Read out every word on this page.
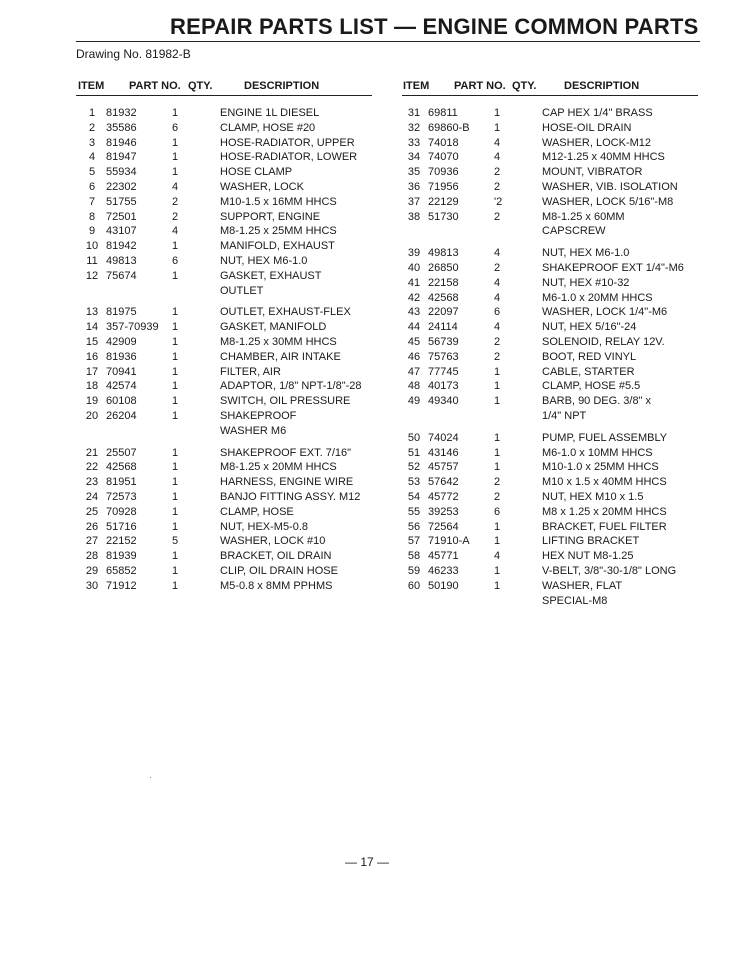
REPAIR PARTS LIST — ENGINE COMMON PARTS
Drawing No. 81982-B
ITEM PART NO. QTY.	DESCRIPTION	ITEM PART NO. QTY.	DESCRIPTION
1 81932	1	ENGINE 1L DIESEL
2 35586	6	CLAMP, HOSE #20
3 81946	1	HOSE-RADIATOR, UPPER
4 81947	1	HOSE-RADIATOR, LOWER
5 55934	1	HOSE CLAMP
6 22302	4	WASHER, LOCK
7 51755	2	M10-1.5 x 16MM HHCS
8 72501	2	SUPPORT, ENGINE
9 43107	4	M8-1.25 x 25MM HHCS
10 81942	1	MANIFOLD, EXHAUST
11 49813	6	NUT, HEX M6-1.0
12 75674	1	GASKET, EXHAUST
OUTLET
13 81975	1	OUTLET, EXHAUST-FLEX
14 357-70939	1	GASKET, MANIFOLD
15 42909	1	M8-1.25 x 30MM HHCS
16 81936	1	CHAMBER, AIR INTAKE
17 70941	1	FILTER, AIR
18 42574	1	ADAPTOR, 1/8" NPT-1/8"-28
19 60108	1	SWITCH, OIL PRESSURE
20 26204	1	SHAKEPROOF
WASHER M6
21 25507	1	SHAKEPROOF EXT. 7/16"
22 42568	1	M8-1.25 x 20MM HHCS
23 81951	1	HARNESS, ENGINE WIRE
24 72573	1	BANJO FITTING ASSY. M12
25 70928	1	CLAMP, HOSE
26 51716	1	NUT, HEX-M5-0.8
27 22152	5	WASHER, LOCK #10
28 81939	1	BRACKET, OIL DRAIN
29 65852	1	CLIP, OIL DRAIN HOSE
30 71912	1	M5-0.8 x 8MM PPHMS
31 69811	1	CAP HEX 1/4" BRASS
32 69860-B	1	HOSE-OIL DRAIN
33 74018	4	WASHER, LOCK-M12
34 74070	4	M12-1.25 x 40MM HHCS
35 70936	2	MOUNT, VIBRATOR
36 71956	2	WASHER, VIB. ISOLATION
37 22129	'2	WASHER, LOCK 5/16"-M8
38 51730	2	M8-1.25 x 60MM
CAPSCREW
39 49813	4	NUT, HEX M6-1.0
40 26850	2	SHAKEPROOF EXT 1/4"-M6
41 22158	4	NUT, HEX #10-32
42 42568	4	M6-1.0 x 20MM HHCS
43 22097	6	WASHER, LOCK 1/4"-M6
44 24114	4	NUT, HEX 5/16"-24
45 56739	2	SOLENOID, RELAY 12V.
46 75763	2	BOOT, RED VINYL
47 77745	1	CABLE, STARTER
48 40173	1	CLAMP, HOSE #5.5
49 49340	1	BARB, 90 DEG. 3/8" x
1/4" NPT
50 74024	1	PUMP, FUEL ASSEMBLY
51 43146	1	M6-1.0 x 10MM HHCS
52 45757	1	M10-1.0 x 25MM HHCS
53 57642	2	M10 x 1.5 x 40MM HHCS
54 45772	2	NUT, HEX M10 x 1.5
55 39253	6	M8 x 1.25 x 20MM HHCS
56 72564	1	BRACKET, FUEL FILTER
57 71910-A	1	LIFTING BRACKET
58 45771	4	HEX NUT M8-1.25
59 46233	1	V-BELT, 3/8"-30-1/8" LONG
60 50190	1	WASHER, FLAT
SPECIAL-M8
— 17 —
